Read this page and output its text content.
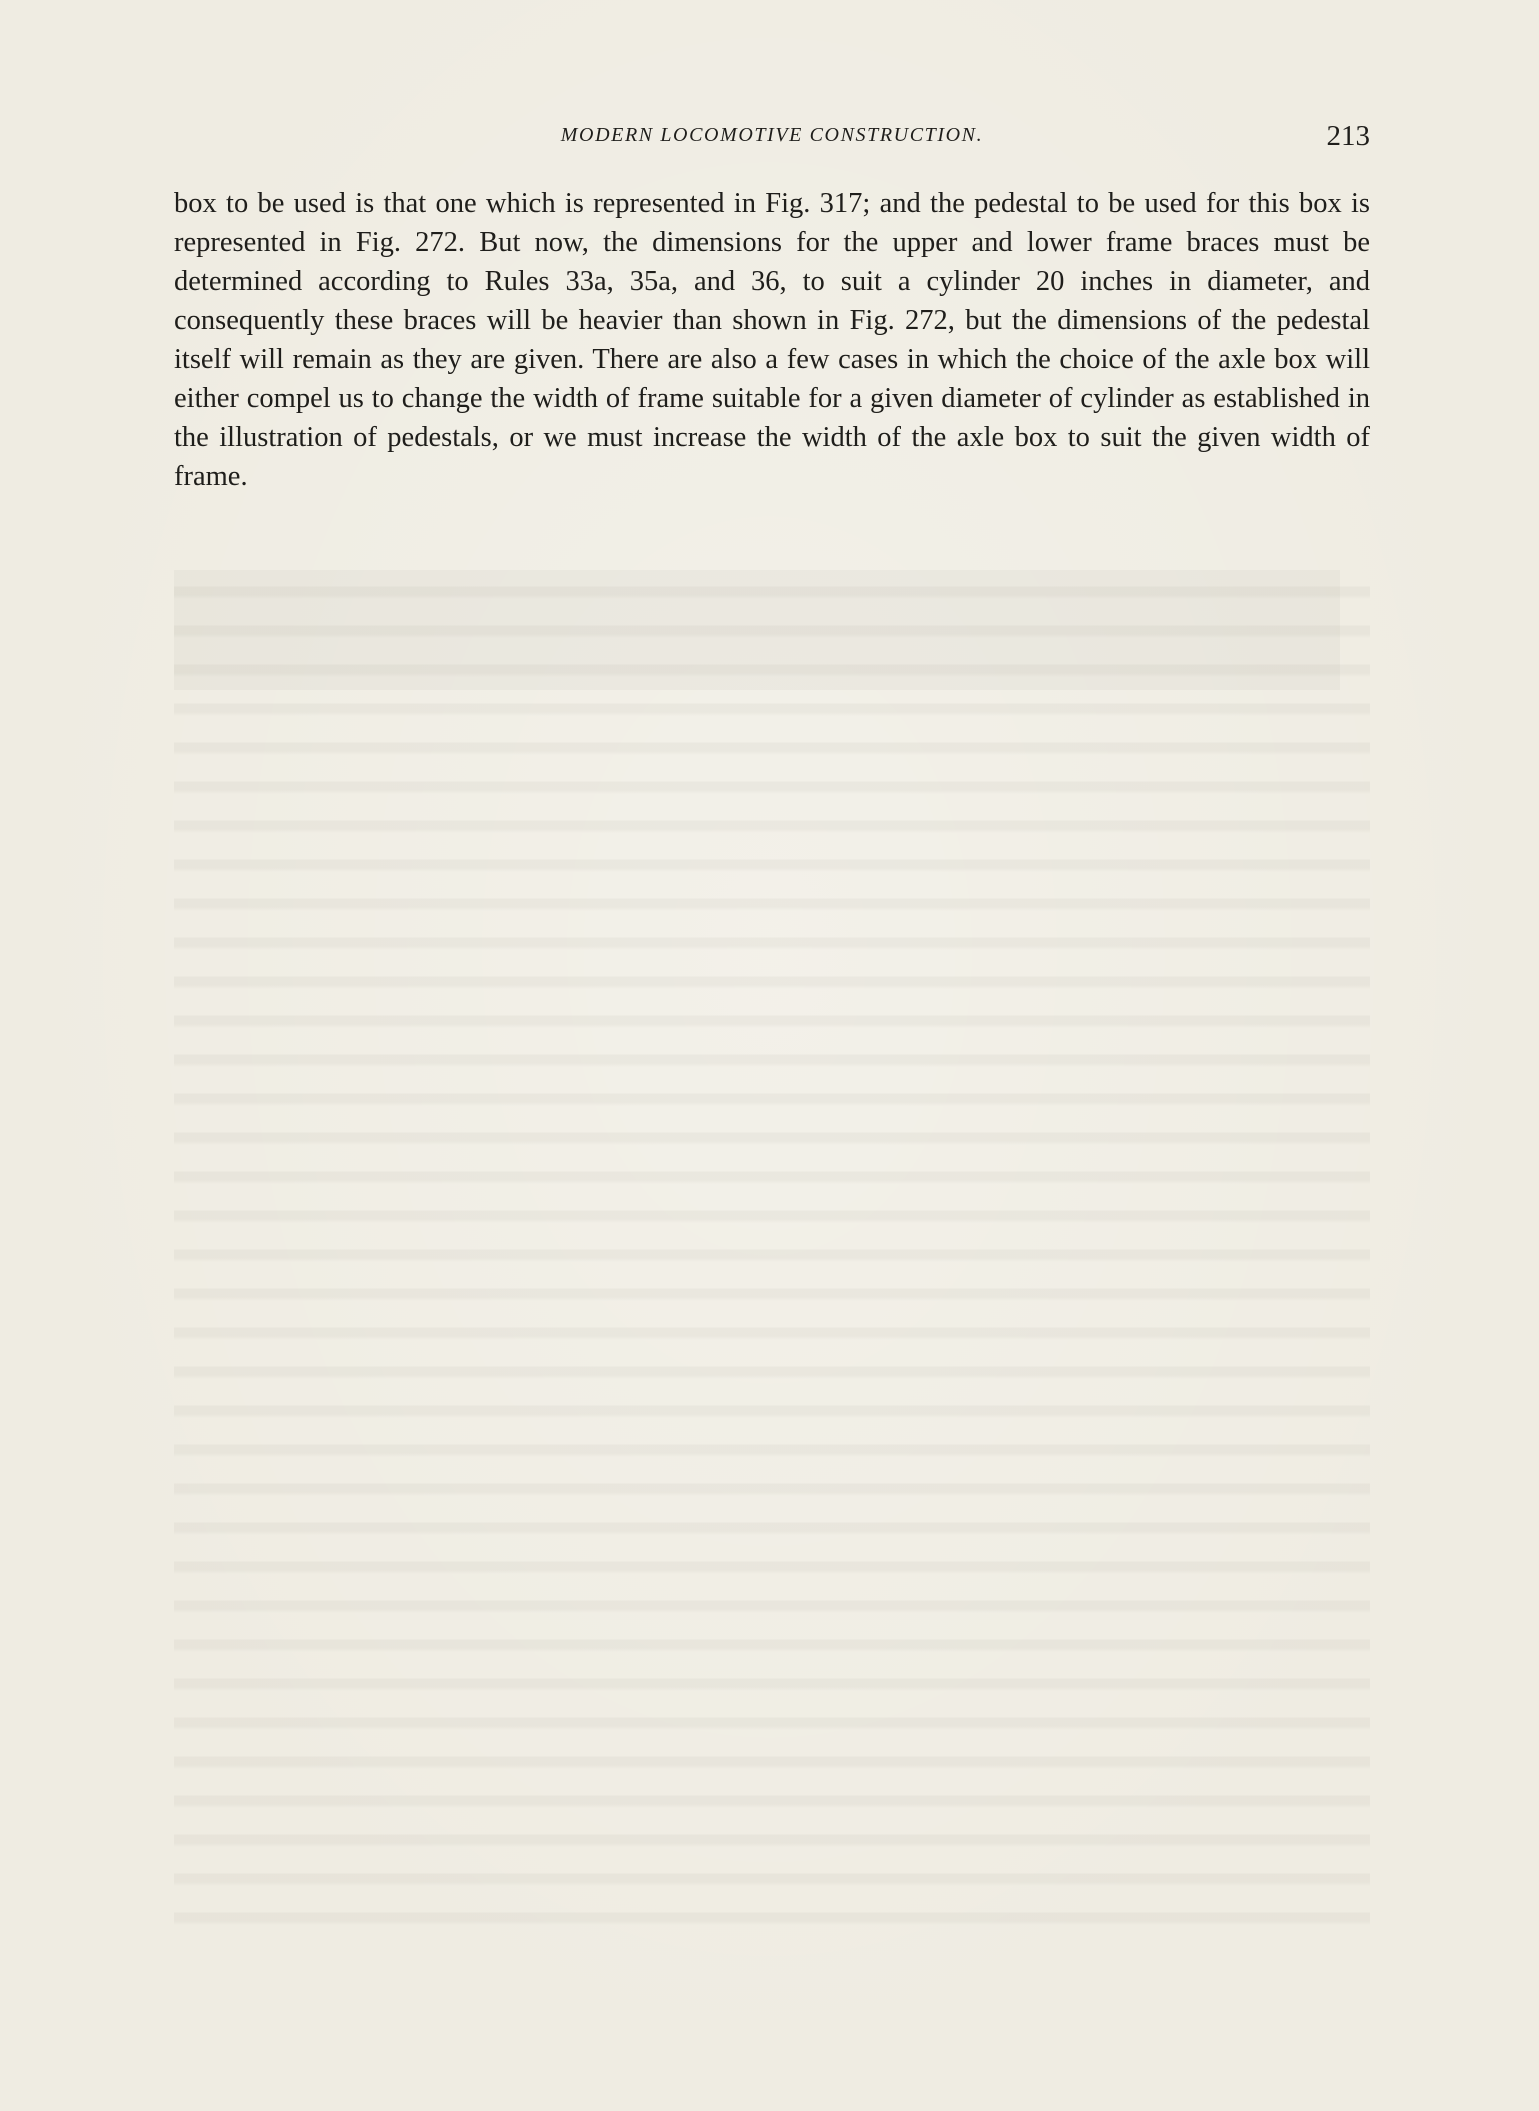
MODERN LOCOMOTIVE CONSTRUCTION.	213

box to be used is that one which is represented in Fig. 317; and the pedestal to be used for this box is represented in Fig. 272. But now, the dimensions for the upper and lower frame braces must be determined according to Rules 33a, 35a, and 36, to suit a cylinder 20 inches in diameter, and consequently these braces will be heavier than shown in Fig. 272, but the dimensions of the pedestal itself will remain as they are given. There are also a few cases in which the choice of the axle box will either compel us to change the width of frame suitable for a given diameter of cylinder as established in the illustration of pedestals, or we must increase the width of the axle box to suit the given width of frame.
